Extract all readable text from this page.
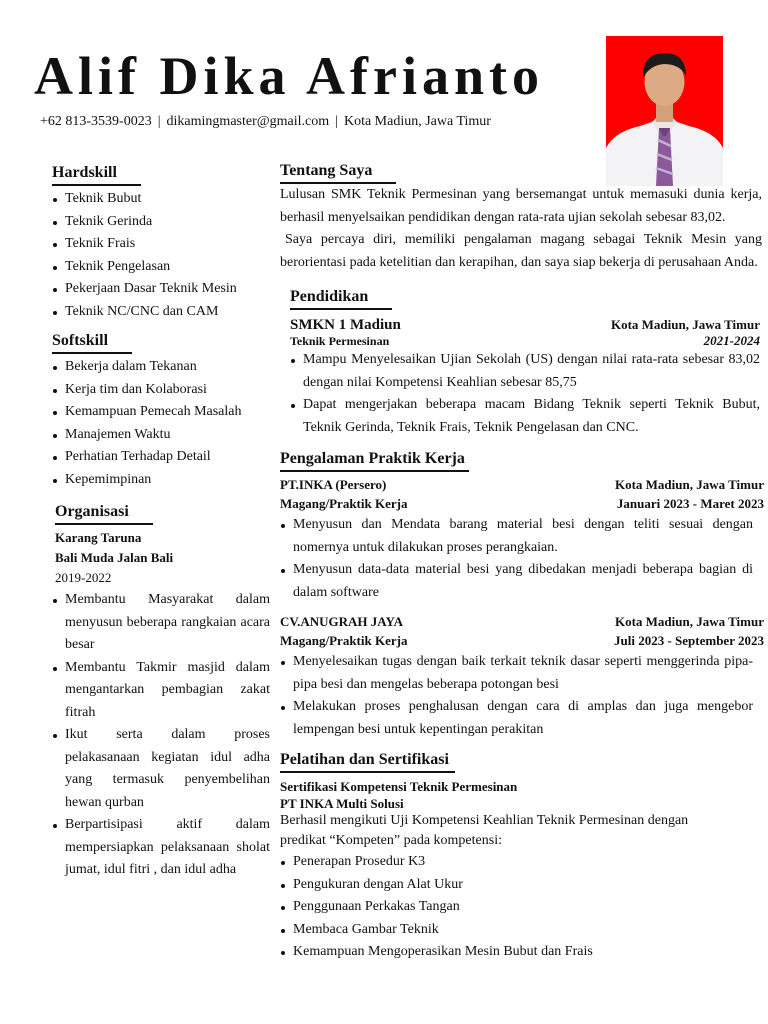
Alif Dika Afrianto
+62 813-3539-0023 | dikamingmaster@gmail.com | Kota Madiun, Jawa Timur
Hardskill
Teknik Bubut
Teknik Gerinda
Teknik Frais
Teknik Pengelasan
Pekerjaan Dasar Teknik Mesin
Teknik NC/CNC dan CAM
Softskill
Bekerja dalam Tekanan
Kerja tim dan Kolaborasi
Kemampuan Pemecah Masalah
Manajemen Waktu
Perhatian Terhadap Detail
Kepemimpinan
Organisasi
Karang Taruna
Bali Muda Jalan Bali
2019-2022
Membantu Masyarakat dalam menyusun beberapa rangkaian acara besar
Membantu Takmir masjid dalam mengantarkan pembagian zakat fitrah
Ikut serta dalam proses pelakasanaan kegiatan idul adha yang termasuk penyembelihan hewan qurban
Berpartisipasi aktif dalam mempersiapkan pelaksanaan sholat jumat, idul fitri , dan idul adha
Tentang Saya

Lulusan SMK Teknik Permesinan yang bersemangat untuk memasuki dunia kerja, berhasil menyelsaikan pendidikan dengan rata-rata ujian sekolah sebesar 83,02.

Saya percaya diri, memiliki pengalaman magang sebagai Teknik Mesin yang berorientasi pada ketelitian dan kerapihan, dan saya siap bekerja di perusahaan Anda.

Pendidikan
SMKN 1 Madiun	Kota Madiun, Jawa Timur
Teknik Permesinan	2021-2024
Mampu Menyelesaikan Ujian Sekolah (US) dengan nilai rata-rata sebesar 83,02 dengan nilai Kompetensi Keahlian sebesar 85,75
Dapat mengerjakan beberapa macam Bidang Teknik seperti Teknik Bubut, Teknik Gerinda, Teknik Frais, Teknik Pengelasan dan CNC.
Pengalaman Praktik Kerja
PT.INKA (Persero)	Kota Madiun, Jawa Timur
Magang/Praktik Kerja	Januari 2023 - Maret 2023
Menyusun dan Mendata barang material besi dengan teliti sesuai dengan nomernya untuk dilakukan proses perangkaian.
Menyusun data-data material besi yang dibedakan menjadi beberapa bagian di dalam software
CV.ANUGRAH JAYA	Kota Madiun, Jawa Timur
Magang/Praktik Kerja	Juli 2023 - September 2023
Menyelesaikan tugas dengan baik terkait teknik dasar seperti menggerinda pipa-pipa besi dan mengelas beberapa potongan besi
Melakukan proses penghalusan dengan cara di amplas dan juga mengebor lempengan besi untuk kepentingan perakitan
Pelatihan dan Sertifikasi
Sertifikasi Kompetensi Teknik Permesinan
PT INKA Multi Solusi

Berhasil mengikuti Uji Kompetensi Keahlian Teknik Permesinan dengan predikat “Kompeten” pada kompetensi:

Penerapan Prosedur K3
Pengukuran dengan Alat Ukur
Penggunaan Perkakas Tangan
Membaca Gambar Teknik
Kemampuan Mengoperasikan Mesin Bubut dan Frais
